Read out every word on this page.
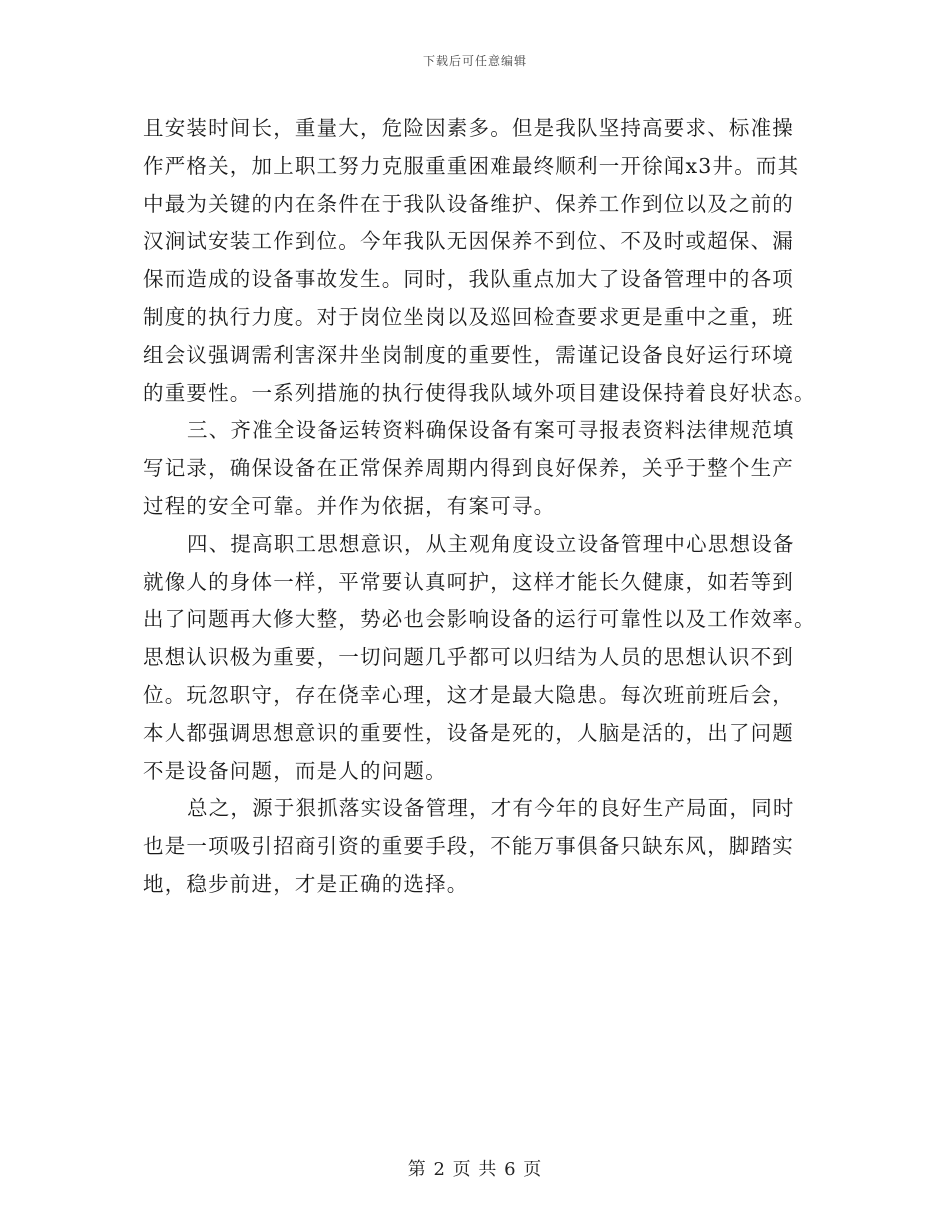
下载后可任意编辑

且安装时间长，重量大，危险因素多。但是我队坚持高要求、标准操
作严格关，加上职工努力克服重重困难最终顺利一开徐闻x3井。而其
中最为关键的内在条件在于我队设备维护、保养工作到位以及之前的
汉涧试安装工作到位。今年我队无因保养不到位、不及时或超保、漏
保而造成的设备事故发生。同时，我队重点加大了设备管理中的各项
制度的执行力度。对于岗位坐岗以及巡回检查要求更是重中之重，班
组会议强调需利害深井坐岗制度的重要性，需谨记设备良好运行环境
的重要性。一系列措施的执行使得我队域外项目建设保持着良好状态。

三、齐准全设备运转资料确保设备有案可寻报表资料法律规范填
写记录，确保设备在正常保养周期内得到良好保养，关乎于整个生产
过程的安全可靠。并作为依据，有案可寻。

四、提高职工思想意识，从主观角度设立设备管理中心思想设备
就像人的身体一样，平常要认真呵护，这样才能长久健康，如若等到
出了问题再大修大整，势必也会影响设备的运行可靠性以及工作效率。
思想认识极为重要，一切问题几乎都可以归结为人员的思想认识不到
位。玩忽职守，存在侥幸心理，这才是最大隐患。每次班前班后会，
本人都强调思想意识的重要性，设备是死的，人脑是活的，出了问题
不是设备问题，而是人的问题。

总之，源于狠抓落实设备管理，才有今年的良好生产局面，同时
也是一项吸引招商引资的重要手段，不能万事俱备只缺东风，脚踏实
地，稳步前进，才是正确的选择。

第 2 页 共 6 页
